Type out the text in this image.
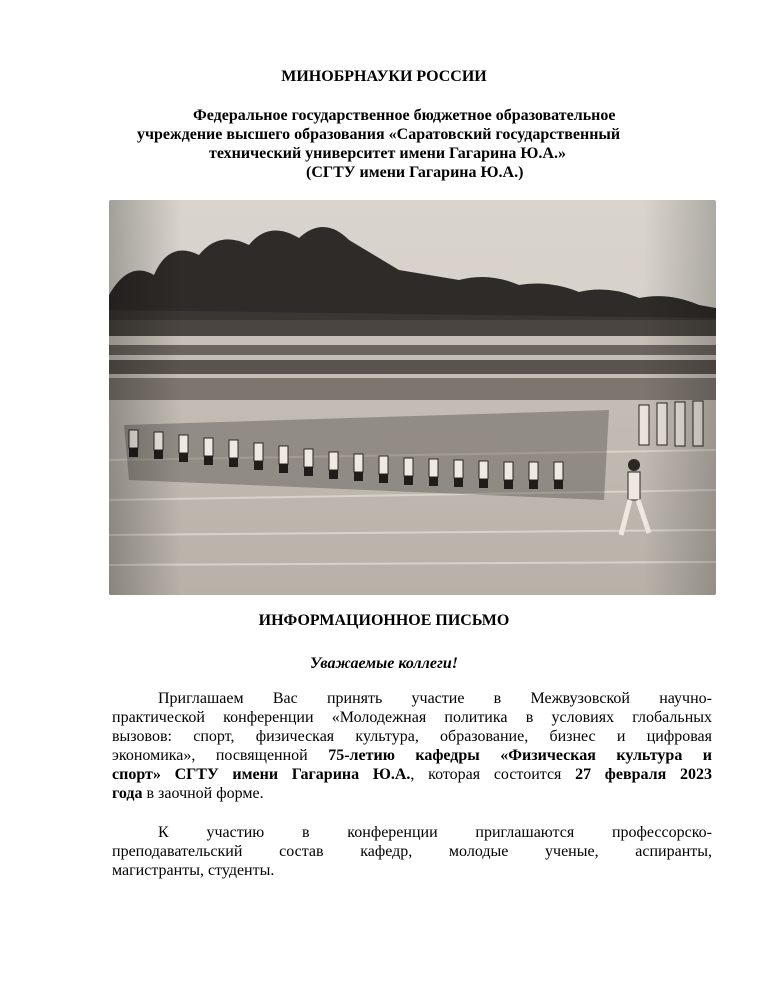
МИНОБРНАУКИ РОССИИ
Федеральное государственное бюджетное образовательное
учреждение высшего образования «Саратовский государственный
технический университет имени Гагарина Ю.А.»
(СГТУ имени Гагарина Ю.А.)
ИНФОРМАЦИОННОЕ ПИСЬМО
Уважаемые коллеги!
Приглашаем Вас принять участие в Межвузовской научно-
практической конференции «Молодежная политика в условиях глобальных
вызовов: спорт, физическая культура, образование, бизнес и цифровая
экономика», посвященной 75-летию кафедры «Физическая культура и
спорт» СГТУ имени Гагарина Ю.А., которая состоится 27 февраля 2023
года в заочной форме.
К участию в конференции приглашаются профессорско-
преподавательский состав кафедр, молодые ученые, аспиранты,
магистранты, студенты.
